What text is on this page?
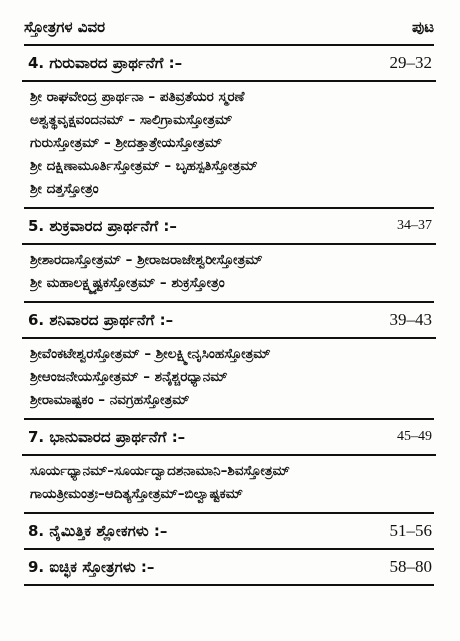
ಸ್ತೋತ್ರಗಳ ವಿವರ	ಪುಟ
4. ಗುರುವಾರದ ಪ್ರಾರ್ಥನೆಗೆ :–	29–32
ಶ್ರೀ ರಾಘವೇಂದ್ರ ಪ್ರಾರ್ಥನಾ – ಪತಿವ್ರತೆಯರ ಸ್ಮರಣೆ
ಅಶ್ವತ್ಥವೃಕ್ಷವಂದನಮ್ – ಸಾಲಿಗ್ರಾಮಸ್ತೋತ್ರಮ್
ಗುರುಸ್ತೋತ್ರಮ್ – ಶ್ರೀದತ್ತಾತ್ರೇಯಸ್ತೋತ್ರಮ್
ಶ್ರೀ ದಕ್ಷಿಣಾಮೂರ್ತಿಸ್ತೋತ್ರಮ್ – ಬೃಹಸ್ಪತಿಸ್ತೋತ್ರಮ್
ಶ್ರೀ ದತ್ತಸ್ತೋತ್ರಂ
5. ಶುಕ್ರವಾರದ ಪ್ರಾರ್ಥನೆಗೆ :–	34–37
ಶ್ರೀಶಾರದಾಸ್ತೋತ್ರಮ್ – ಶ್ರೀರಾಜರಾಜೇಶ್ವರೀಸ್ತೋತ್ರಮ್
ಶ್ರೀ ಮಹಾಲಕ್ಷ್ಮ್ಯಷ್ಟಕಸ್ತೋತ್ರಮ್ – ಶುಕ್ರಸ್ತೋತ್ರಂ
6. ಶನಿವಾರದ ಪ್ರಾರ್ಥನೆಗೆ :–	39–43
ಶ್ರೀವೆಂಕಟೇಶ್ವರಸ್ತೋತ್ರಮ್ – ಶ್ರೀಲಕ್ಷ್ಮೀನೃಸಿಂಹಸ್ತೋತ್ರಮ್
ಶ್ರೀಆಂಜನೇಯಸ್ತೋತ್ರಮ್ – ಶನೈಶ್ಚರಧ್ಯಾನಮ್
ಶ್ರೀರಾಮಾಷ್ಟಕಂ – ನವಗ್ರಹಸ್ತೋತ್ರಮ್
7. ಭಾನುವಾರದ ಪ್ರಾರ್ಥನೆಗೆ :–	45–49
ಸೂರ್ಯಧ್ಯಾನಮ್–ಸೂರ್ಯದ್ವಾದಶನಾಮಾನಿ–ಶಿವಸ್ತೋತ್ರಮ್
ಗಾಯತ್ರೀಮಂತ್ರಃ–ಆದಿತ್ಯಸ್ತೋತ್ರಮ್–ಬಿಲ್ವಾಷ್ಟಕಮ್
8. ನೈಮಿತ್ತಿಕ ಶ್ಲೋಕಗಳು :–	51–56
9. ಐಚ್ಛಿಕ ಸ್ತೋತ್ರಗಳು :–	58–80
